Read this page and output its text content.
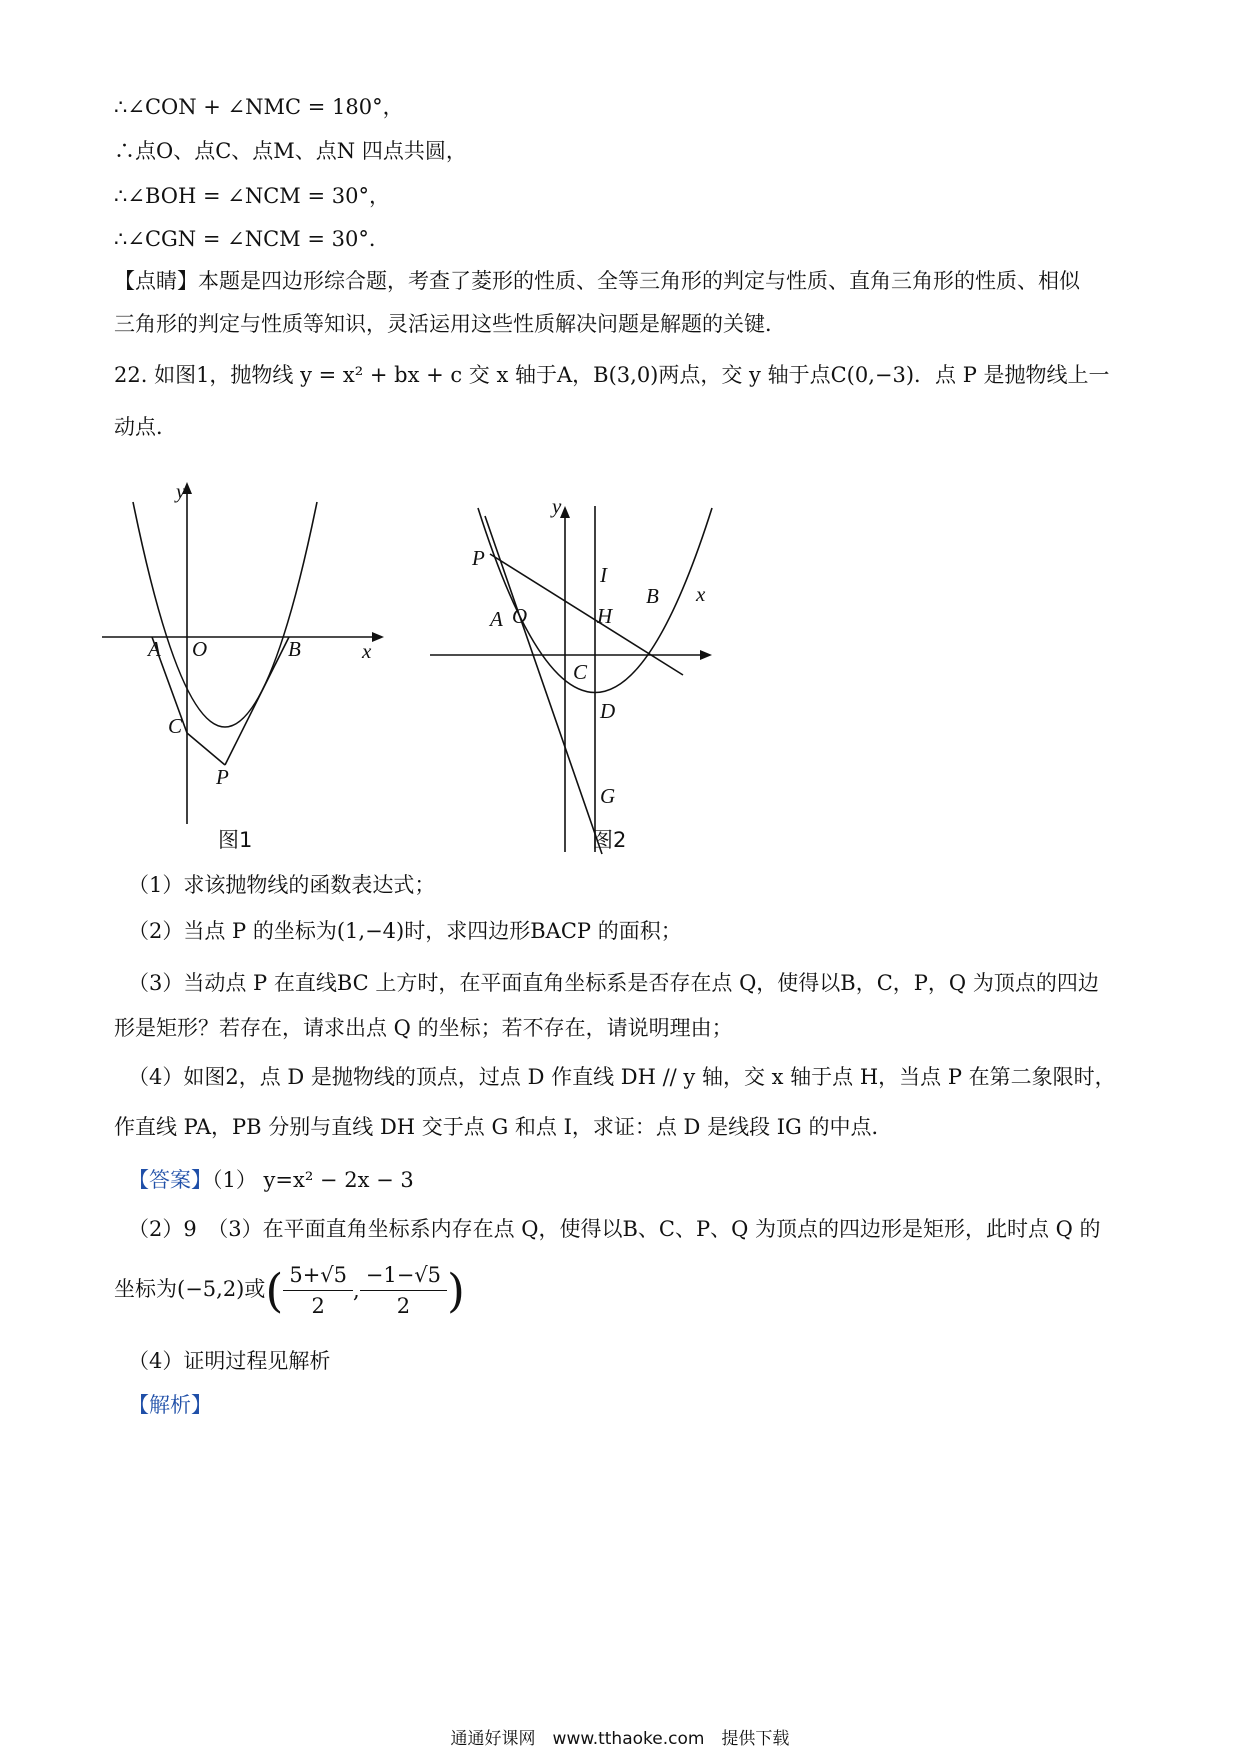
∴∠CON + ∠NMC = 180°，
∴点O、点C、点M、点N 四点共圆，
∴∠BOH = ∠NCM = 30°，
∴∠CGN = ∠NCM = 30°．
【点睛】本题是四边形综合题，考查了菱形的性质、全等三角形的判定与性质、直角三角形的性质、相似
三角形的判定与性质等知识，灵活运用这些性质解决问题是解题的关键．
22. 如图1，抛物线 y = x² + bx + c 交 x 轴于A，B(3,0)两点，交 y 轴于点C(0,−3)．点 P 是抛物线上一
动点．
y
x
A O	B
C
P
图1
y
x
P
I
B
A O	H
C
D
G
图2
（1）求该抛物线的函数表达式；
（2）当点 P 的坐标为(1,−4)时，求四边形BACP 的面积；
（3）当动点 P 在直线BC 上方时，在平面直角坐标系是否存在点 Q，使得以B，C，P，Q 为顶点的四边
形是矩形？若存在，请求出点 Q 的坐标；若不存在，请说明理由；
（4）如图2，点 D 是抛物线的顶点，过点 D 作直线 DH // y 轴，交 x 轴于点 H，当点 P 在第二象限时，
作直线 PA，PB 分别与直线 DH 交于点 G 和点 I，求证：点 D 是线段 IG 的中点．
【答案】（1） y=x² − 2x − 3
（2）9　（3）在平面直角坐标系内存在点 Q，使得以B、C、P、Q 为顶点的四边形是矩形，此时点 Q 的
坐标为(−5,2)或( $\frac{5+√5}{2}$ , $\frac{-1-√5}{2}$ )
（4）证明过程见解析
【解析】
通通好课网　www.tthaoke.com　提供下载
